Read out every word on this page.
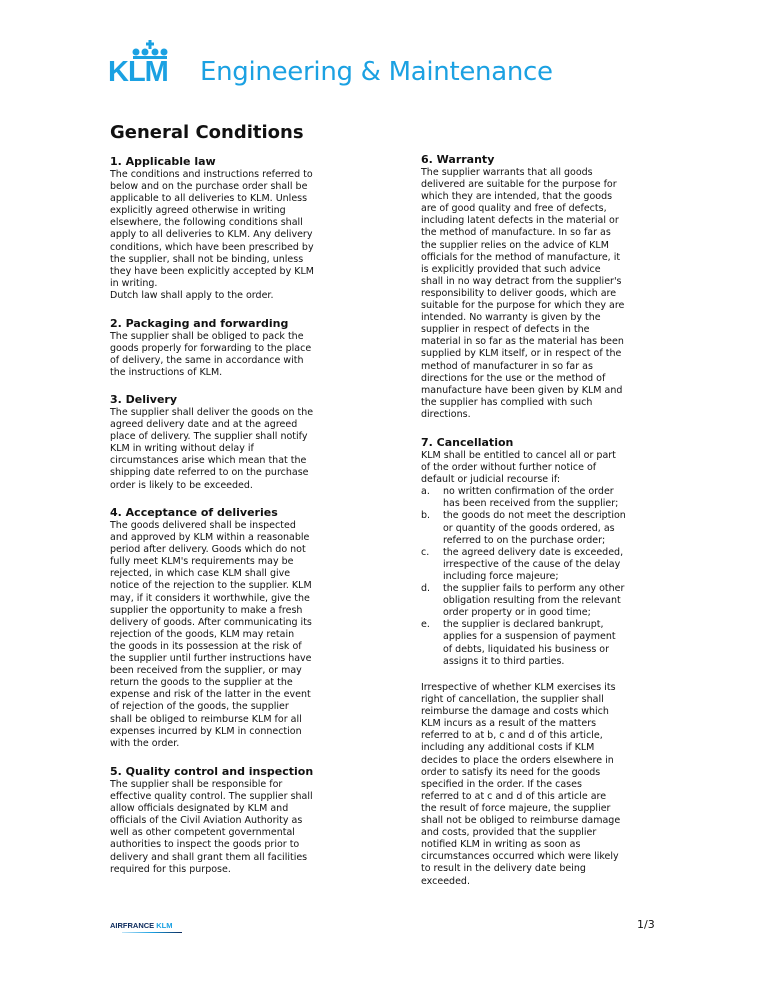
KLM Engineering & Maintenance
General Conditions
1. Applicable law

The conditions and instructions referred to
below and on the purchase order shall be
applicable to all deliveries to KLM. Unless
explicitly agreed otherwise in writing
elsewhere, the following conditions shall
apply to all deliveries to KLM. Any delivery
conditions, which have been prescribed by
the supplier, shall not be binding, unless
they have been explicitly accepted by KLM
in writing.
Dutch law shall apply to the order.

2. Packaging and forwarding

The supplier shall be obliged to pack the
goods properly for forwarding to the place
of delivery, the same in accordance with
the instructions of KLM.

3. Delivery

The supplier shall deliver the goods on the
agreed delivery date and at the agreed
place of delivery. The supplier shall notify
KLM in writing without delay if
circumstances arise which mean that the
shipping date referred to on the purchase
order is likely to be exceeded.

4. Acceptance of deliveries

The goods delivered shall be inspected
and approved by KLM within a reasonable
period after delivery. Goods which do not
fully meet KLM's requirements may be
rejected, in which case KLM shall give
notice of the rejection to the supplier. KLM
may, if it considers it worthwhile, give the
supplier the opportunity to make a fresh
delivery of goods. After communicating its
rejection of the goods, KLM may retain
the goods in its possession at the risk of
the supplier until further instructions have
been received from the supplier, or may
return the goods to the supplier at the
expense and risk of the latter in the event
of rejection of the goods, the supplier
shall be obliged to reimburse KLM for all
expenses incurred by KLM in connection
with the order.

5. Quality control and inspection

The supplier shall be responsible for
effective quality control. The supplier shall
allow officials designated by KLM and
officials of the Civil Aviation Authority as
well as other competent governmental
authorities to inspect the goods prior to
delivery and shall grant them all facilities
required for this purpose.

6. Warranty

The supplier warrants that all goods
delivered are suitable for the purpose for
which they are intended, that the goods
are of good quality and free of defects,
including latent defects in the material or
the method of manufacture. In so far as
the supplier relies on the advice of KLM
officials for the method of manufacture, it
is explicitly provided that such advice
shall in no way detract from the supplier's
responsibility to deliver goods, which are
suitable for the purpose for which they are
intended. No warranty is given by the
supplier in respect of defects in the
material in so far as the material has been
supplied by KLM itself, or in respect of the
method of manufacturer in so far as
directions for the use or the method of
manufacture have been given by KLM and
the supplier has complied with such
directions.

7. Cancellation

KLM shall be entitled to cancel all or part
of the order without further notice of
default or judicial recourse if:

a.	no written confirmation of the order
has been received from the supplier;
b.	the goods do not meet the description
or quantity of the goods ordered, as
referred to on the purchase order;
c.	the agreed delivery date is exceeded,
irrespective of the cause of the delay
including force majeure;
d.	the supplier fails to perform any other
obligation resulting from the relevant
order property or in good time;
e.	the supplier is declared bankrupt,
applies for a suspension of payment
of debts, liquidated his business or
assigns it to third parties.

Irrespective of whether KLM exercises its
right of cancellation, the supplier shall
reimburse the damage and costs which
KLM incurs as a result of the matters
referred to at b, c and d of this article,
including any additional costs if KLM
decides to place the orders elsewhere in
order to satisfy its need for the goods
specified in the order. If the cases
referred to at c and d of this article are
the result of force majeure, the supplier
shall not be obliged to reimburse damage
and costs, provided that the supplier
notified KLM in writing as soon as
circumstances occurred which were likely
to result in the delivery date being
exceeded.

AIRFRANCE KLM	1/3
